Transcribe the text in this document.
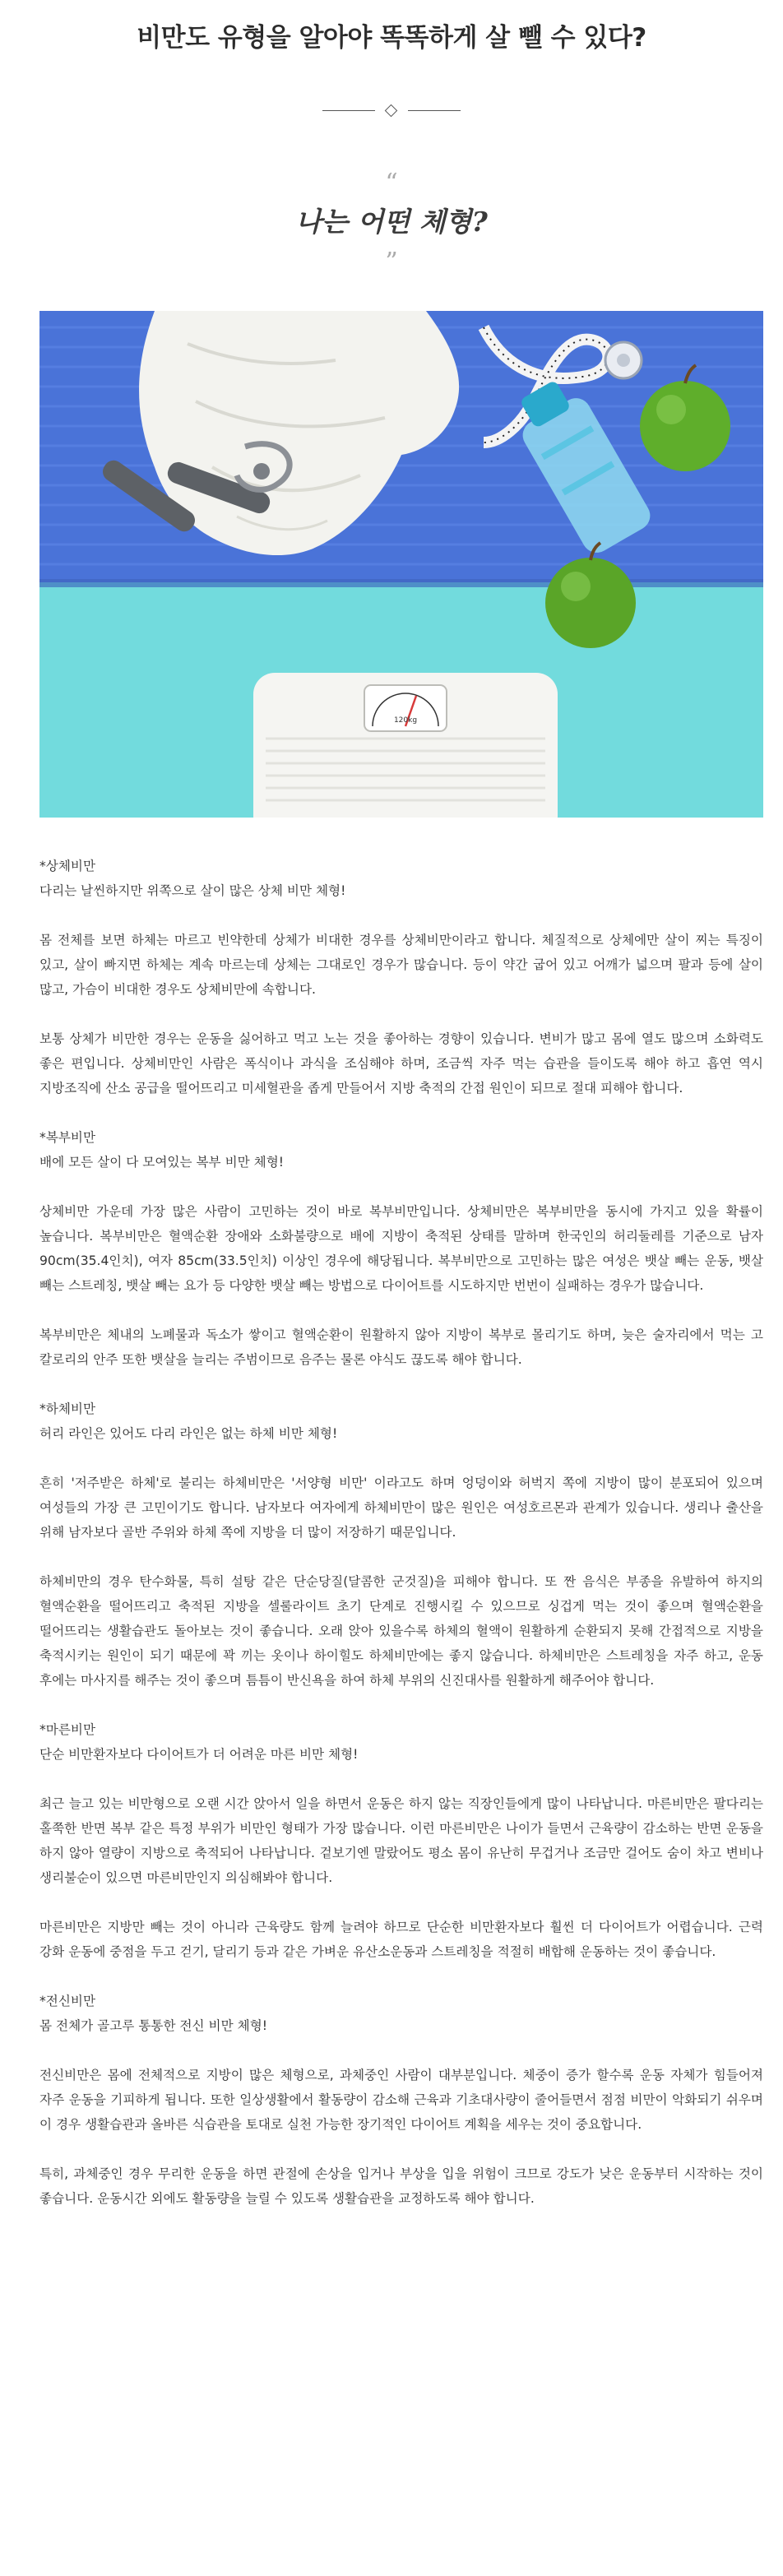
비만도 유형을 알아야 똑똑하게 살 뺄 수 있다?
“
나는 어떤 체형?
”
120kg

*상체비만

다리는 날씬하지만 위쪽으로 살이 많은 상체 비만 체형!

몸 전체를 보면 하체는 마르고 빈약한데 상체가 비대한 경우를 상체비만이라고 합니다. 체질적으로 상체에만 살이 찌는 특징이 있고, 살이 빠지면 하체는 계속 마르는데 상체는 그대로인 경우가 많습니다. 등이 약간 굽어 있고 어깨가 넓으며 팔과 등에 살이 많고, 가슴이 비대한 경우도 상체비만에 속합니다.

보통 상체가 비만한 경우는 운동을 싫어하고 먹고 노는 것을 좋아하는 경향이 있습니다. 변비가 많고 몸에 열도 많으며 소화력도 좋은 편입니다. 상체비만인 사람은 폭식이나 과식을 조심해야 하며, 조금씩 자주 먹는 습관을 들이도록 해야 하고 흡연 역시 지방조직에 산소 공급을 떨어뜨리고 미세혈관을 좁게 만들어서 지방 축적의 간접 원인이 되므로 절대 피해야 합니다.

*복부비만

배에 모든 살이 다 모여있는 복부 비만 체형!

상체비만 가운데 가장 많은 사람이 고민하는 것이 바로 복부비만입니다. 상체비만은 복부비만을 동시에 가지고 있을 확률이 높습니다. 복부비만은 혈액순환 장애와 소화불량으로 배에 지방이 축적된 상태를 말하며 한국인의 허리둘레를 기준으로 남자 90cm(35.4인치), 여자 85cm(33.5인치) 이상인 경우에 해당됩니다. 복부비만으로 고민하는 많은 여성은 뱃살 빼는 운동, 뱃살 빼는 스트레칭, 뱃살 빼는 요가 등 다양한 뱃살 빼는 방법으로 다이어트를 시도하지만 번번이 실패하는 경우가 많습니다.

복부비만은 체내의 노폐물과 독소가 쌓이고 혈액순환이 원활하지 않아 지방이 복부로 몰리기도 하며, 늦은 술자리에서 먹는 고 칼로리의 안주 또한 뱃살을 늘리는 주범이므로 음주는 물론 야식도 끊도록 해야 합니다.

*하체비만

허리 라인은 있어도 다리 라인은 없는 하체 비만 체형!

흔히 '저주받은 하체'로 불리는 하체비만은 '서양형 비만' 이라고도 하며 엉덩이와 허벅지 쪽에 지방이 많이 분포되어 있으며 여성들의 가장 큰 고민이기도 합니다. 남자보다 여자에게 하체비만이 많은 원인은 여성호르몬과 관계가 있습니다. 생리나 출산을 위해 남자보다 골반 주위와 하체 쪽에 지방을 더 많이 저장하기 때문입니다.

하체비만의 경우 탄수화물, 특히 설탕 같은 단순당질(달콤한 군것질)을 피해야 합니다. 또 짠 음식은 부종을 유발하여 하지의 혈액순환을 떨어뜨리고 축적된 지방을 셀룰라이트 초기 단계로 진행시킬 수 있으므로 싱겁게 먹는 것이 좋으며 혈액순환을 떨어뜨리는 생활습관도 돌아보는 것이 좋습니다. 오래 앉아 있을수록 하체의 혈액이 원활하게 순환되지 못해 간접적으로 지방을 축적시키는 원인이 되기 때문에 꽉 끼는 옷이나 하이힐도 하체비만에는 좋지 않습니다. 하체비만은 스트레칭을 자주 하고, 운동 후에는 마사지를 해주는 것이 좋으며 틈틈이 반신욕을 하여 하체 부위의 신진대사를 원활하게 해주어야 합니다.

*마른비만

단순 비만환자보다 다이어트가 더 어려운 마른 비만 체형!

최근 늘고 있는 비만형으로 오랜 시간 앉아서 일을 하면서 운동은 하지 않는 직장인들에게 많이 나타납니다. 마른비만은 팔다리는 홀쭉한 반면 복부 같은 특정 부위가 비만인 형태가 가장 많습니다. 이런 마른비만은 나이가 들면서 근육량이 감소하는 반면 운동을 하지 않아 열량이 지방으로 축적되어 나타납니다. 겉보기엔 말랐어도 평소 몸이 유난히 무겁거나 조금만 걸어도 숨이 차고 변비나 생리불순이 있으면 마른비만인지 의심해봐야 합니다.

마른비만은 지방만 빼는 것이 아니라 근육량도 함께 늘려야 하므로 단순한 비만환자보다 훨씬 더 다이어트가 어렵습니다. 근력 강화 운동에 중점을 두고 걷기, 달리기 등과 같은 가벼운 유산소운동과 스트레칭을 적절히 배합해 운동하는 것이 좋습니다.

*전신비만

몸 전체가 골고루 통통한 전신 비만 체형!

전신비만은 몸에 전체적으로 지방이 많은 체형으로, 과체중인 사람이 대부분입니다. 체중이 증가 할수록 운동 자체가 힘들어져 자주 운동을 기피하게 됩니다. 또한 일상생활에서 활동량이 감소해 근육과 기초대사량이 줄어들면서 점점 비만이 악화되기 쉬우며 이 경우 생활습관과 올바른 식습관을 토대로 실천 가능한 장기적인 다이어트 계획을 세우는 것이 중요합니다.

특히, 과체중인 경우 무리한 운동을 하면 관절에 손상을 입거나 부상을 입을 위험이 크므로 강도가 낮은 운동부터 시작하는 것이 좋습니다. 운동시간 외에도 활동량을 늘릴 수 있도록 생활습관을 교정하도록 해야 합니다.
